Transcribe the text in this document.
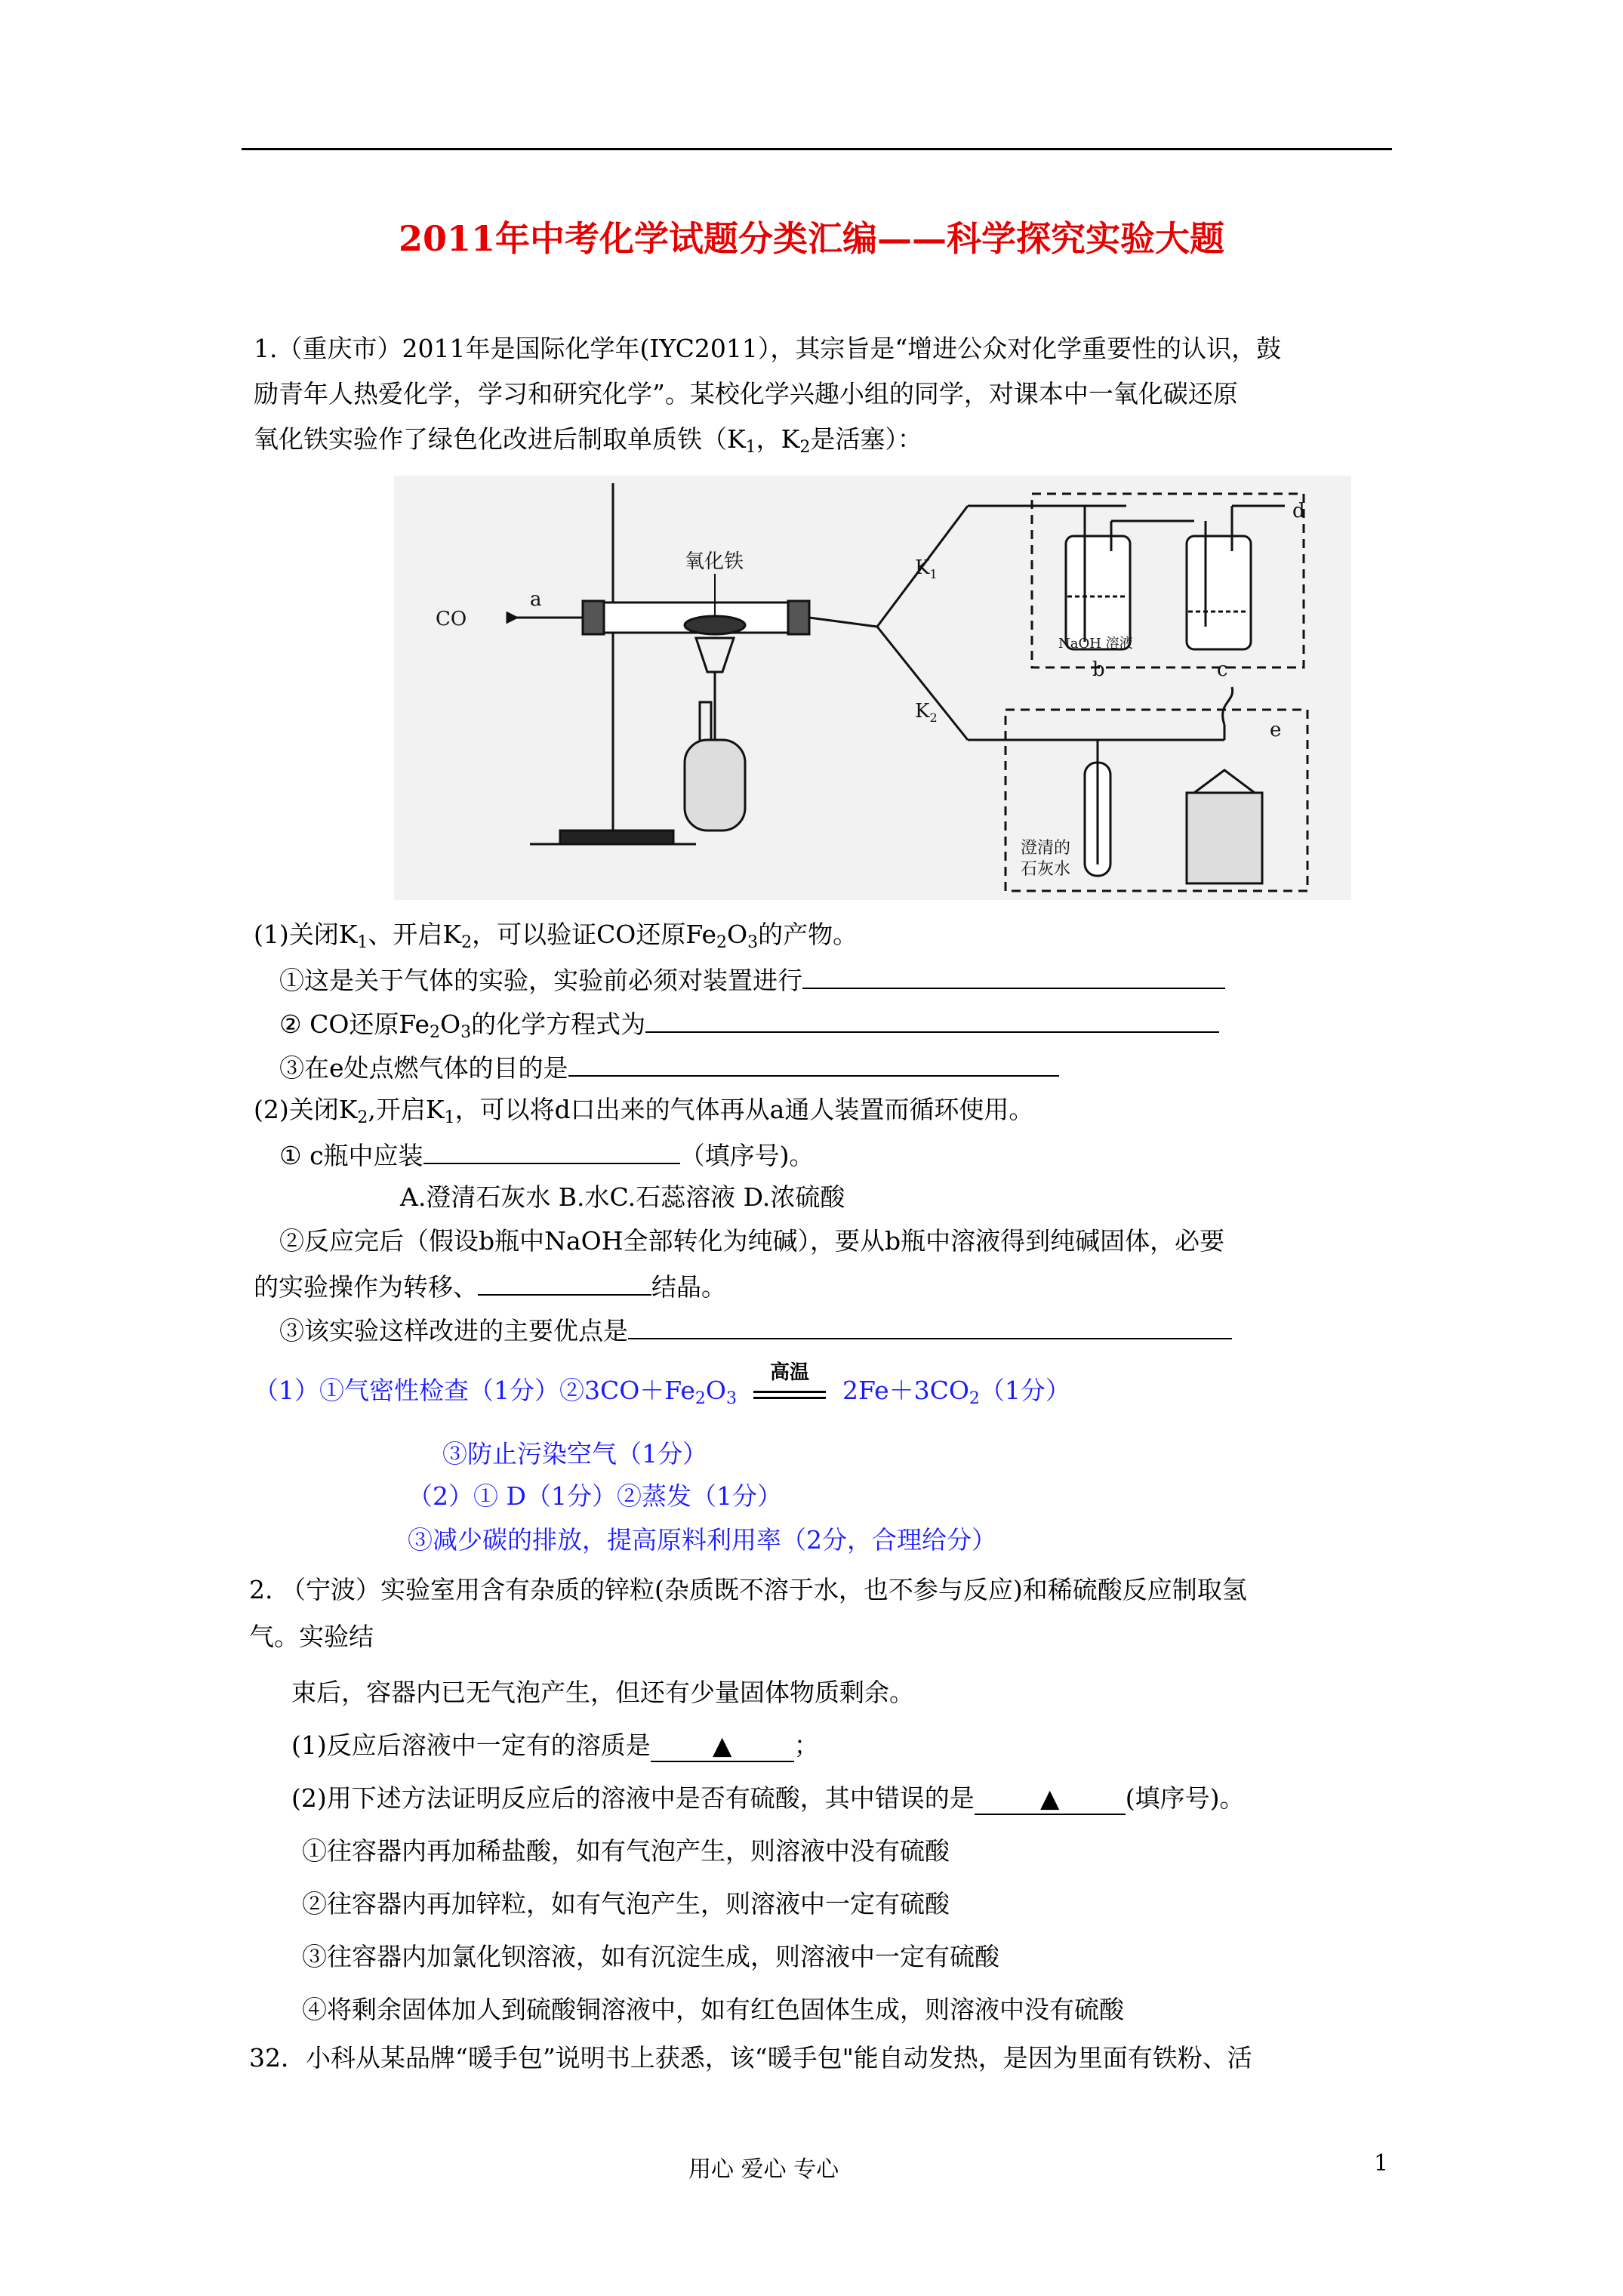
2011年中考化学试题分类汇编——科学探究实验大题
1.（重庆市）2011年是国际化学年(IYC2011），其宗旨是“增进公众对化学重要性的认识，鼓
励青年人热爱化学，学习和研究化学”。某校化学兴趣小组的同学，对课本中一氧化碳还原
氧化铁实验作了绿色化改进后制取单质铁（$K_1$，$K_2$是活塞）：
CO
a
氧化铁	$K_1$
$K_2$
d
NaOH 溶液
b	c
e
澄清的
石灰水
(1)关闭$K_1$、开启$K_2$，可以验证CO还原$Fe_2O_3$的产物。
①这是关于气体的实验，实验前必须对装置进行
② CO还原$Fe_2O_3$的化学方程式为
③在e处点燃气体的目的是
(2)关闭$K_2$,开启$K_1$，可以将d口出来的气体再从a通人装置而循环使用。
① c瓶中应装	（填序号)。
A.澄清石灰水 B.水C.石蕊溶液 D.浓硫酸
②反应完后（假设b瓶中NaOH全部转化为纯碱），要从b瓶中溶液得到纯碱固体，必要
的实验操作为转移、	结晶。
③该实验这样改进的主要优点是
（1）①气密性检查（1分）$②3CO+Fe_2O_3$
高温
$2Fe+3CO_2(1$分）
③防止污染空气（1分）
（2）① D（1分）②蒸发（1分）
③减少碳的排放，提高原料利用率（2分，合理给分）
2. （宁波）实验室用含有杂质的锌粒(杂质既不溶于水，也不参与反应)和稀硫酸反应制取氢
气。实验结
束后，容器内已无气泡产生，但还有少量固体物质剩余。
(1)反应后溶液中一定有的溶质是 ▲ ；
(2)用下述方法证明反应后的溶液中是否有硫酸，其中错误的是	▲	(填序号)。
①往容器内再加稀盐酸，如有气泡产生，则溶液中没有硫酸
②往容器内再加锌粒，如有气泡产生，则溶液中一定有硫酸
③往容器内加氯化钡溶液，如有沉淀生成，则溶液中一定有硫酸
④将剩余固体加人到硫酸铜溶液中，如有红色固体生成，则溶液中没有硫酸
32．小科从某品牌“暖手包”说明书上获悉，该“暖手包"能自动发热，是因为里面有铁粉、活
用心 爱心 专心	1
